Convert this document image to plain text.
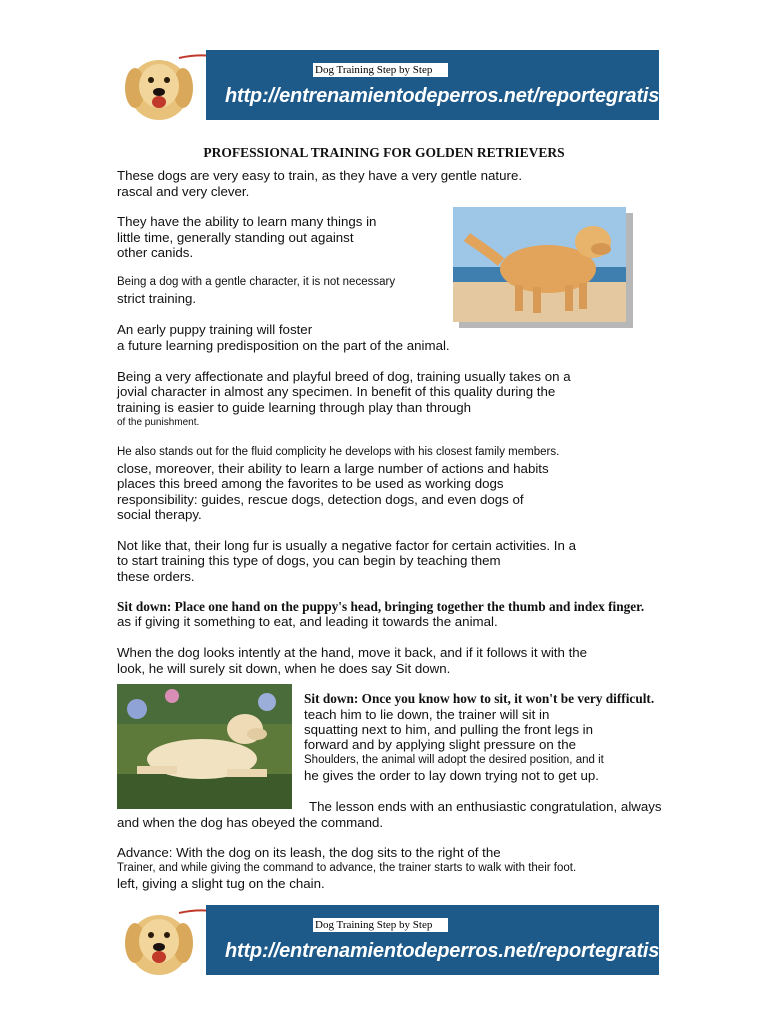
Dog Training Step by Step
http://entrenamientodeperros.net/reportegratis
PROFESSIONAL TRAINING FOR GOLDEN RETRIEVERS
These dogs are very easy to train, as they have a very gentle nature.
rascal and very clever.
They have the ability to learn many things in
little time, generally standing out against
other canids.
Being a dog with a gentle character, it is not necessary
strict training.
An early puppy training will foster
a future learning predisposition on the part of the animal.
Being a very affectionate and playful breed of dog, training usually takes on a
jovial character in almost any specimen. In benefit of this quality during the
training is easier to guide learning through play than through
of the punishment.
He also stands out for the fluid complicity he develops with his closest family members.
close, moreover, their ability to learn a large number of actions and habits
places this breed among the favorites to be used as working dogs
responsibility: guides, rescue dogs, detection dogs, and even dogs of
social therapy.
Not like that, their long fur is usually a negative factor for certain activities. In a
to start training this type of dogs, you can begin by teaching them
these orders.
Sit down: Place one hand on the puppy's head, bringing together the thumb and index finger.
as if giving it something to eat, and leading it towards the animal.
When the dog looks intently at the hand, move it back, and if it follows it with the
look, he will surely sit down, when he does say Sit down.
Sit down: Once you know how to sit, it won't be very difficult.
teach him to lie down, the trainer will sit in
squatting next to him, and pulling the front legs in
forward and by applying slight pressure on the
Shoulders, the animal will adopt the desired position, and it
he gives the order to lay down trying not to get up.
The lesson ends with an enthusiastic congratulation, always
and when the dog has obeyed the command.
Advance: With the dog on its leash, the dog sits to the right of the
Trainer, and while giving the command to advance, the trainer starts to walk with their foot.
left, giving a slight tug on the chain.
Dog Training Step by Step
http://entrenamientodeperros.net/reportegratis
